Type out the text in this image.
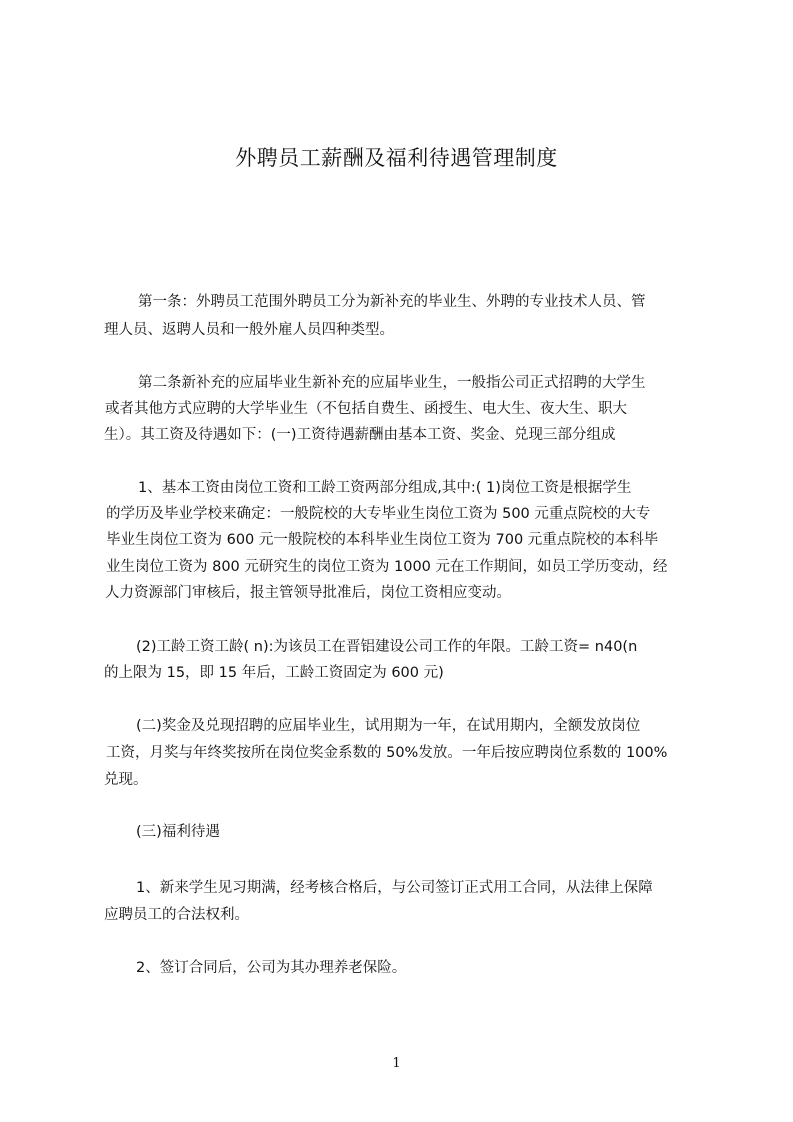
外聘员工薪酬及福利待遇管理制度
第一条：外聘员工范围外聘员工分为新补充的毕业生、外聘的专业技术人员、管
理人员、返聘人员和一般外雇人员四种类型。
第二条新补充的应届毕业生新补充的应届毕业生，一般指公司正式招聘的大学生
或者其他方式应聘的大学毕业生（不包括自费生、函授生、电大生、夜大生、职大
生）。其工资及待遇如下：(一)工资待遇薪酬由基本工资、奖金、兑现三部分组成
1、基本工资由岗位工资和工龄工资两部分组成,其中:( 1)岗位工资是根据学生
的学历及毕业学校来确定：一般院校的大专毕业生岗位工资为 500 元重点院校的大专
毕业生岗位工资为 600 元一般院校的本科毕业生岗位工资为 700 元重点院校的本科毕
业生岗位工资为 800 元研究生的岗位工资为 1000 元在工作期间，如员工学历变动，经
人力资源部门审核后，报主管领导批准后，岗位工资相应变动。
(2)工龄工资工龄( n):为该员工在晋铝建设公司工作的年限。工龄工资= n40(n
的上限为 15，即 15 年后，工龄工资固定为 600 元)
(二)奖金及兑现招聘的应届毕业生，试用期为一年，在试用期内，全额发放岗位
工资，月奖与年终奖按所在岗位奖金系数的 50%发放。一年后按应聘岗位系数的 100%
兑现。
(三)福利待遇
1、新来学生见习期满，经考核合格后，与公司签订正式用工合同，从法律上保障
应聘员工的合法权利。
2、签订合同后，公司为其办理养老保险。
1
